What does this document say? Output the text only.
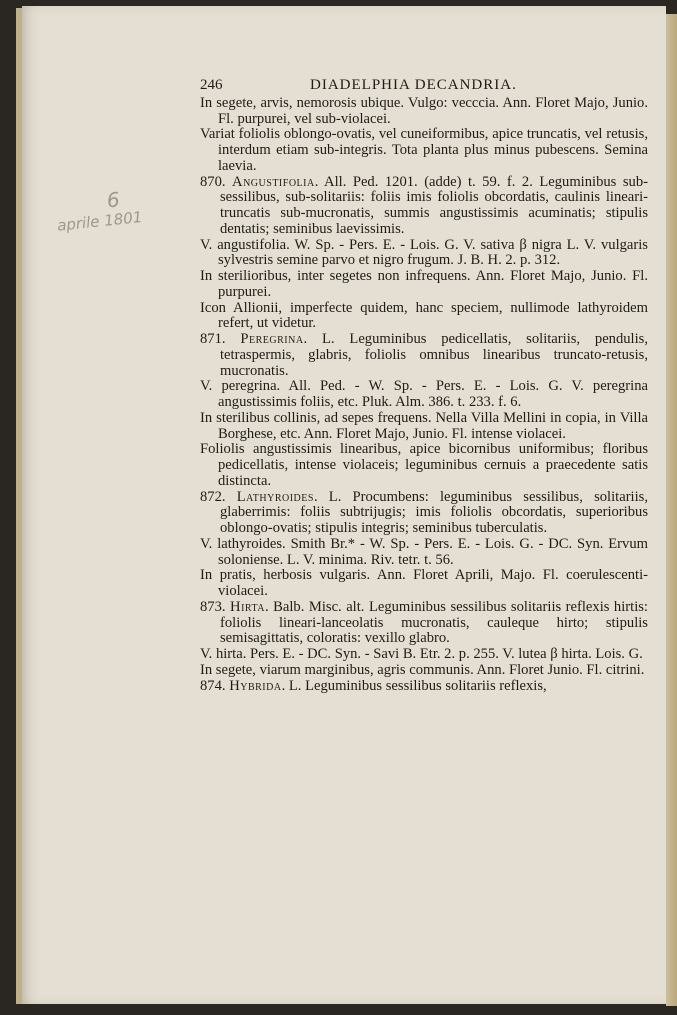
6
aprile 1801
246	DIADELPHIA DECANDRIA.
In segete, arvis, nemorosis ubique. Vulgo: vecccia. Ann. Floret Majo, Junio. Fl. purpurei, vel sub-violacei.
Variat foliolis oblongo-ovatis, vel cuneiformibus, apice truncatis, vel retusis, interdum etiam sub-integris. Tota planta plus minus pubescens. Semina laevia.
870. Angustifolia. All. Ped. 1201. (adde) t. 59. f. 2. Leguminibus sub-sessilibus, sub-solitariis: foliis imis foliolis obcordatis, caulinis lineari-truncatis sub-mucronatis, summis angustissimis acuminatis; stipulis dentatis; seminibus laevissimis.
V. angustifolia. W. Sp. - Pers. E. - Lois. G. V. sativa β nigra L. V. vulgaris sylvestris semine parvo et nigro frugum. J. B. H. 2. p. 312.
In sterilioribus, inter segetes non infrequens. Ann. Floret Majo, Junio. Fl. purpurei.
Icon Allionii, imperfecte quidem, hanc speciem, nullimode lathyroidem refert, ut videtur.
871. Peregrina. L. Leguminibus pedicellatis, solitariis, pendulis, tetraspermis, glabris, foliolis omnibus linearibus truncato-retusis, mucronatis.
V. peregrina. All. Ped. - W. Sp. - Pers. E. - Lois. G. V. peregrina angustissimis foliis, etc. Pluk. Alm. 386. t. 233. f. 6.
In sterilibus collinis, ad sepes frequens. Nella Villa Mellini in copia, in Villa Borghese, etc. Ann. Floret Majo, Junio. Fl. intense violacei.
Foliolis angustissimis linearibus, apice bicornibus uniformibus; floribus pedicellatis, intense violaceis; leguminibus cernuis a praecedente satis distincta.
872. Lathyroides. L. Procumbens: leguminibus sessilibus, solitariis, glaberrimis: foliis subtrijugis; imis foliolis obcordatis, superioribus oblongo-ovatis; stipulis integris; seminibus tuberculatis.
V. lathyroides. Smith Br.* - W. Sp. - Pers. E. - Lois. G. - DC. Syn. Ervum soloniense. L. V. minima. Riv. tetr. t. 56.
In pratis, herbosis vulgaris. Ann. Floret Aprili, Majo. Fl. coerulescenti-violacei.
873. Hirta. Balb. Misc. alt. Leguminibus sessilibus solitariis reflexis hirtis: foliolis lineari-lanceolatis mucronatis, cauleque hirto; stipulis semisagittatis, coloratis: vexillo glabro.
V. hirta. Pers. E. - DC. Syn. - Savi B. Etr. 2. p. 255. V. lutea β hirta. Lois. G.
In segete, viarum marginibus, agris communis. Ann. Floret Junio. Fl. citrini.
874. Hybrida. L. Leguminibus sessilibus solitariis reflexis,
